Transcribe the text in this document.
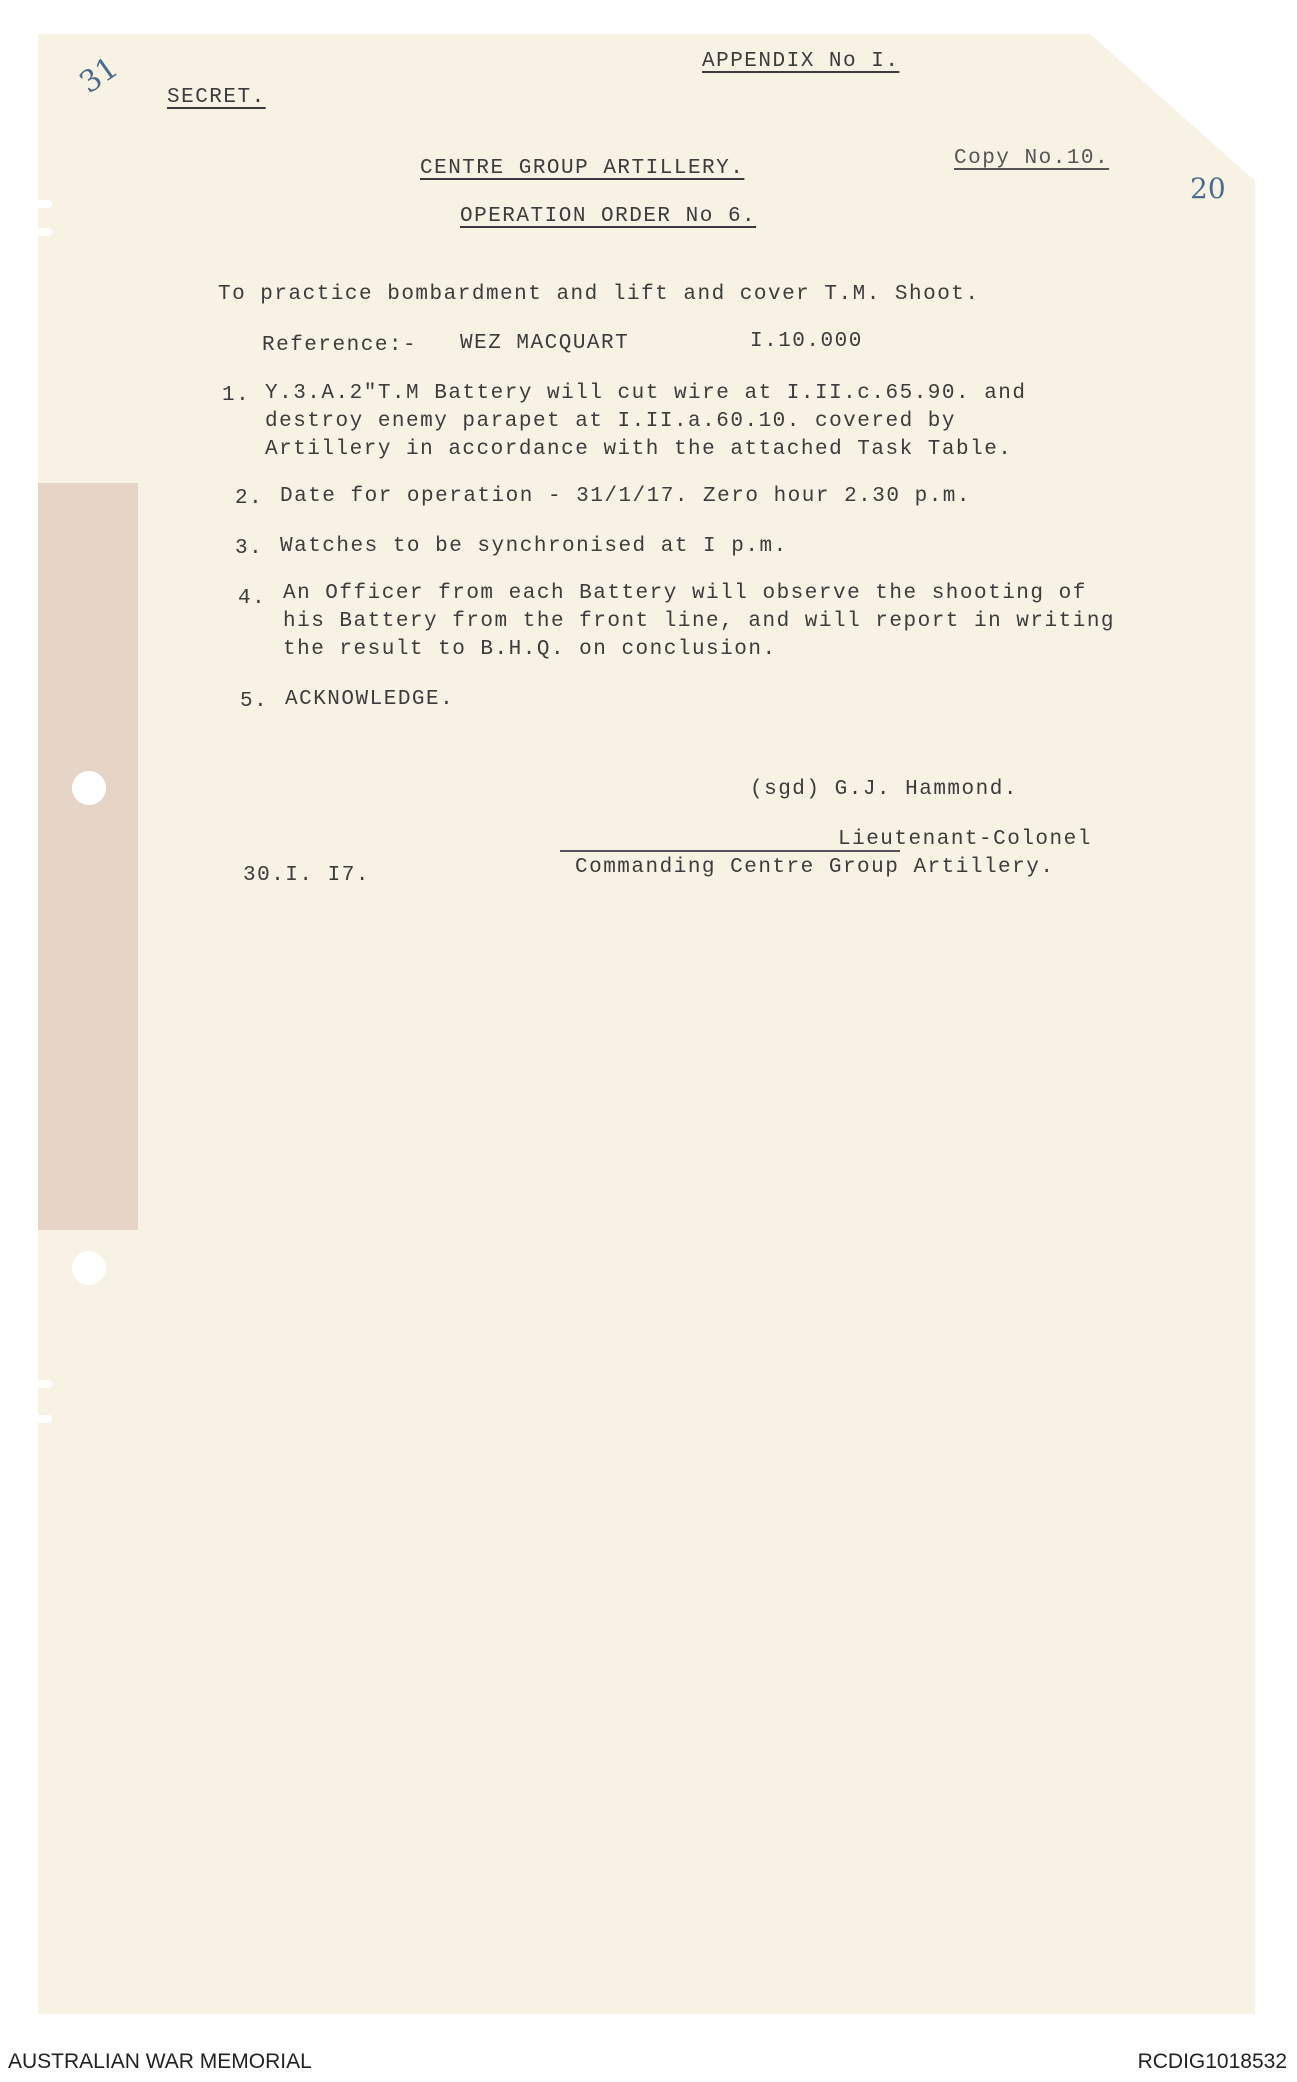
31
20
APPENDIX No I.
SECRET.
Copy No.10.
CENTRE GROUP ARTILLERY.
OPERATION ORDER No 6.
To practice bombardment and lift and cover T.M. Shoot.
Reference:- WEZ MACQUART	I.10.000
1. Y.3.A.2"T.M Battery will cut wire at I.II.c.65.90. and
destroy enemy parapet at I.II.a.60.10. covered by
Artillery in accordance with the attached Task Table.
2. Date for operation - 31/1/17. Zero hour 2.30 p.m.
3. Watches to be synchronised at I p.m.
4. An Officer from each Battery will observe the shooting of
his Battery from the front line, and will report in writing
the result to B.H.Q. on conclusion.
5. ACKNOWLEDGE.
(sgd) G.J. Hammond.
Lieutenant-Colonel
Commanding Centre Group Artillery.
30.I. I7.
AUSTRALIAN WAR MEMORIAL	RCDIG1018532
